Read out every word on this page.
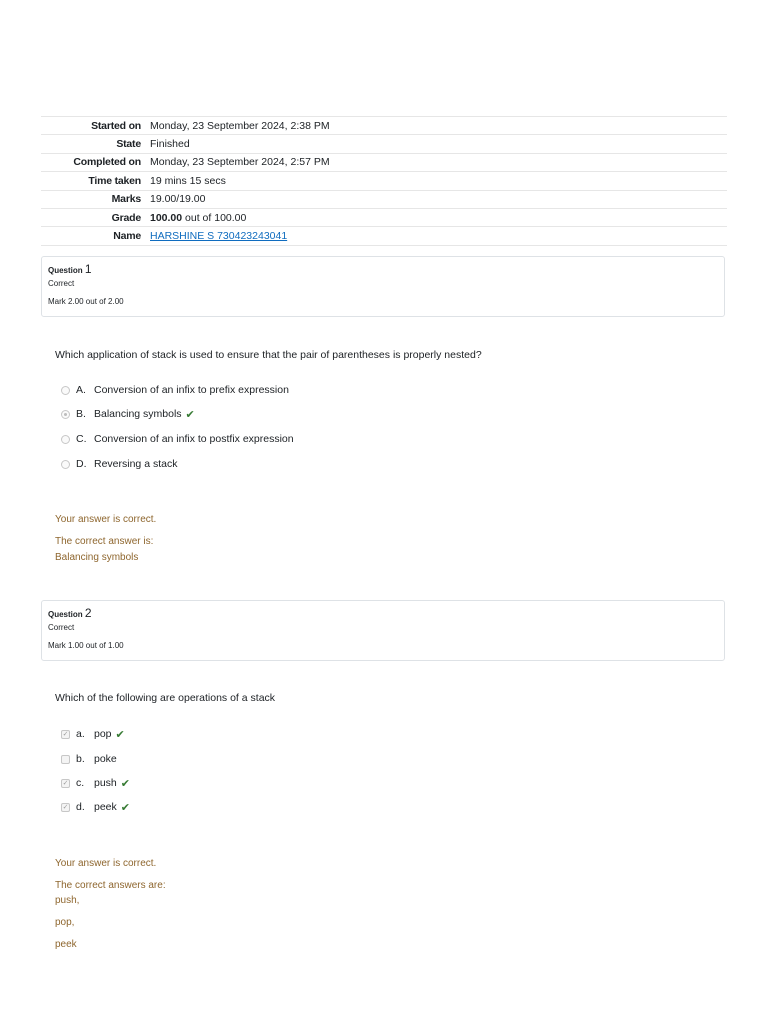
Started on	Monday, 23 September 2024, 2:38 PM
State	Finished
Completed on	Monday, 23 September 2024, 2:57 PM
Time taken	19 mins 15 secs
Marks	19.00/19.00
Grade	100.00 out of 100.00
Name	HARSHINE S 730423243041
Question 1
Correct
Mark 2.00 out of 2.00
Which application of stack is used to ensure that the pair of parentheses is properly nested?
A. Conversion of an infix to prefix expression
B. Balancing symbols ✔
C. Conversion of an infix to postfix expression
D. Reversing a stack
Your answer is correct.
The correct answer is:
Balancing symbols
Question 2
Correct
Mark 1.00 out of 1.00
Which of the following are operations of a stack
✓ a. pop ✔
b. poke
✓ c. push ✔
✓ d. peek ✔
Your answer is correct.
The correct answers are:
push,
pop,
peek
